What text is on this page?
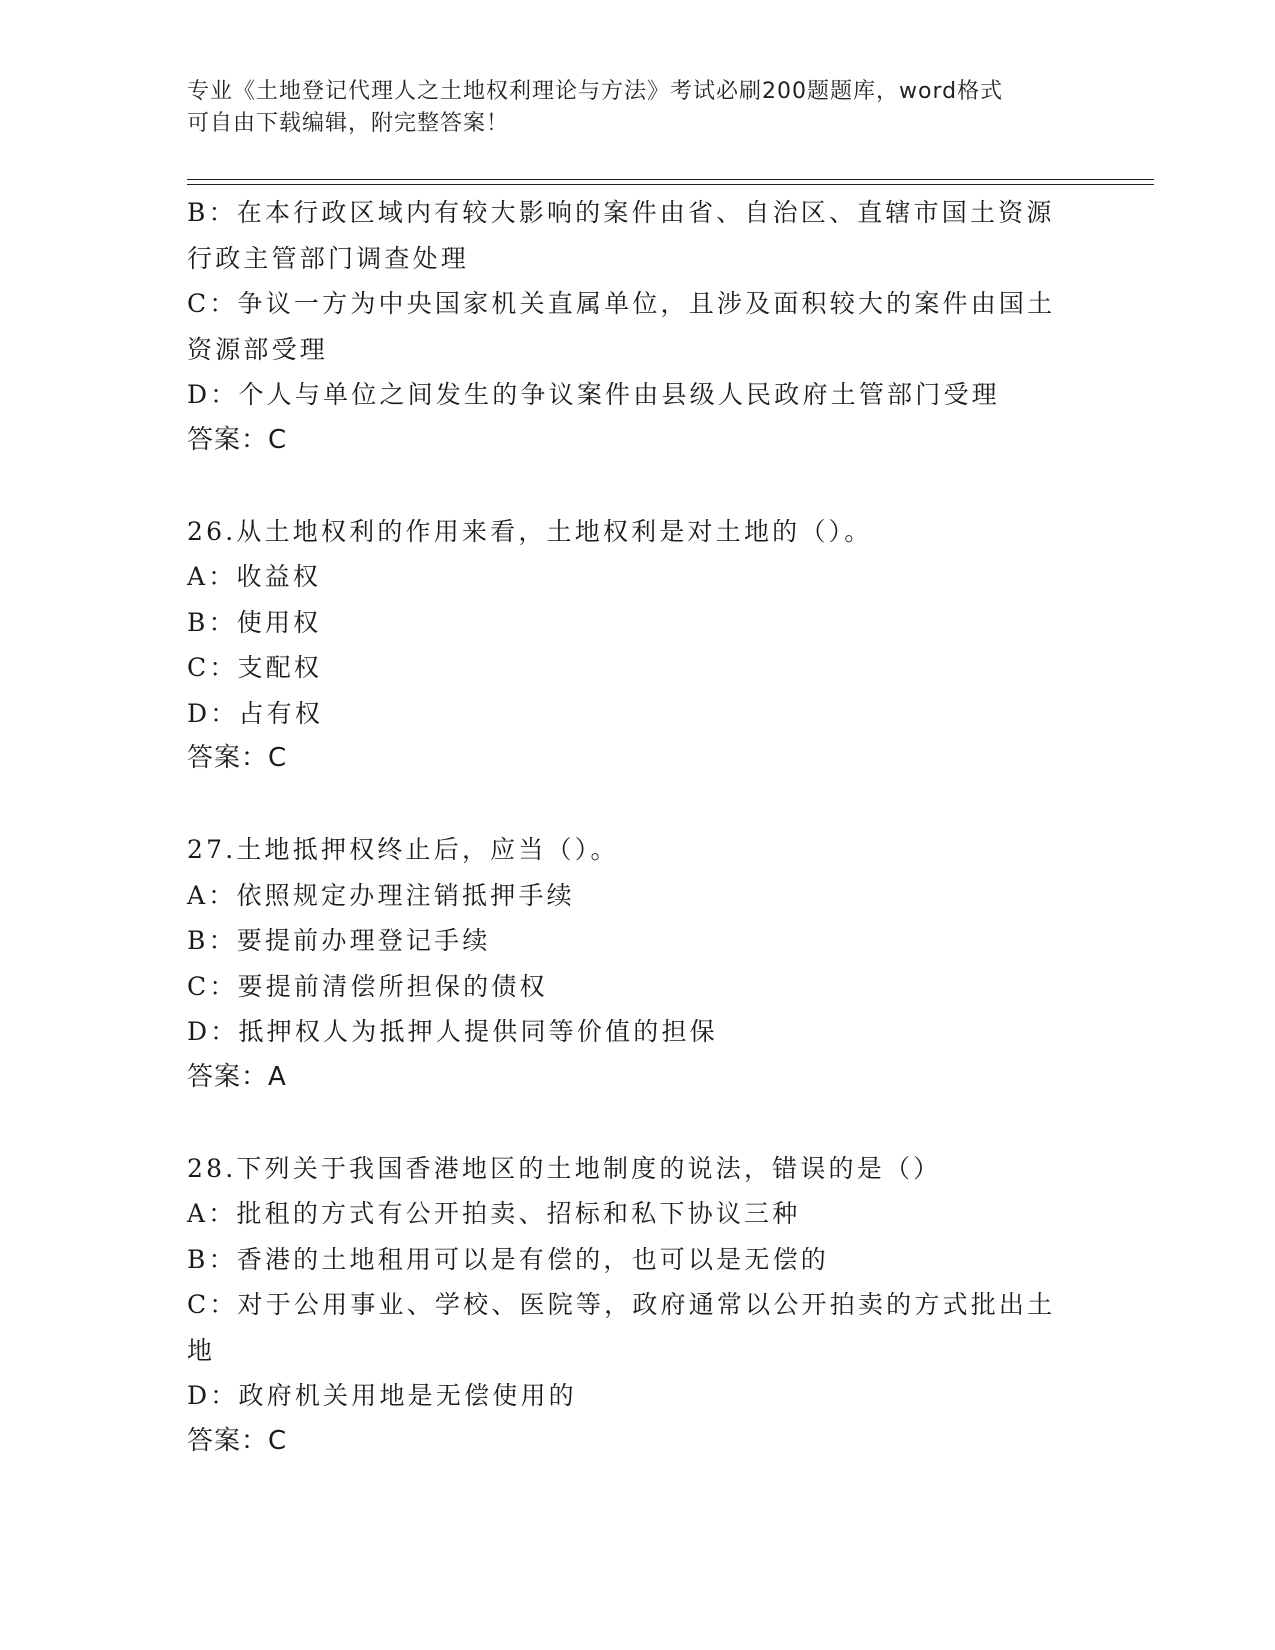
专业《土地登记代理人之土地权利理论与方法》考试必刷200题题库，word格式
可自由下载编辑，附完整答案！
B：在本行政区域内有较大影响的案件由省、自治区、直辖市国土资源
行政主管部门调查处理
C：争议一方为中央国家机关直属单位，且涉及面积较大的案件由国土
资源部受理
D：个人与单位之间发生的争议案件由县级人民政府土管部门受理
答案：C
26.从土地权利的作用来看，土地权利是对土地的（）。
A：收益权
B：使用权
C：支配权
D：占有权
答案：C
27.土地抵押权终止后，应当（）。
A：依照规定办理注销抵押手续
B：要提前办理登记手续
C：要提前清偿所担保的债权
D：抵押权人为抵押人提供同等价值的担保
答案：A
28.下列关于我国香港地区的土地制度的说法，错误的是（）
A：批租的方式有公开拍卖、招标和私下协议三种
B：香港的土地租用可以是有偿的，也可以是无偿的
C：对于公用事业、学校、医院等，政府通常以公开拍卖的方式批出土
地
D：政府机关用地是无偿使用的
答案：C
